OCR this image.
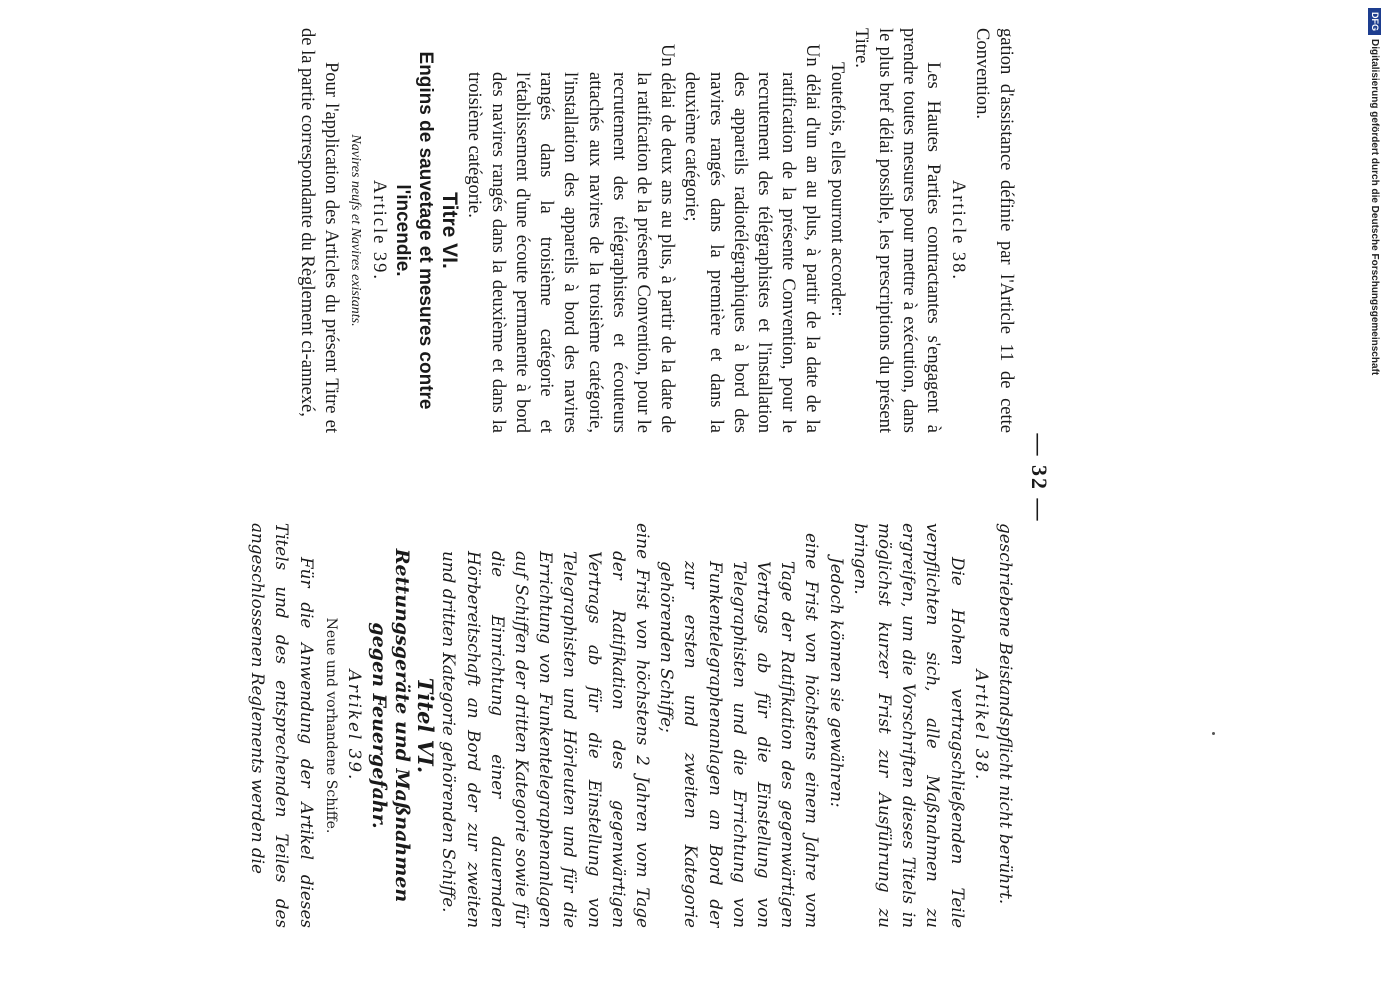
— 32 —

gation d'assistance définie par l'Article 11 de cette Convention.

Article 38.

Les Hautes Parties contractantes s'engagent à prendre toutes mesures pour mettre à exécution, dans le plus bref délai possible, les prescriptions du présent Titre.

Toutefois, elles pourront accorder:

Un délai d'un an au plus, à partir de la date de la ratification de la présente Convention, pour le recrutement des télégraphistes et l'installation des appareils radiotélégraphiques à bord des navires rangés dans la première et dans la deuxième catégorie;

Un délai de deux ans au plus, à partir de la date de la ratification de la présente Convention, pour le recrutement des télégraphistes et écouteurs attachés aux navires de la troisième catégorie, l'installation des appareils à bord des navires rangés dans la troisième catégorie et l'établissement d'une écoute permanente à bord des navires rangés dans la deuxième et dans la troisième catégorie.

Titre VI.

Engins de sauvetage et mesures contre l'incendie.

Article 39.

Navires neufs et Navires existants.

Pour l'application des Articles du présent Titre et de la partie correspondante du Règlement ci-annexé,

geschriebene Beistandspflicht nicht berührt.

Artikel 38.

Die Hohen vertragschließenden Teile verpflichten sich, alle Maßnahmen zu ergreifen, um die Vorschriften dieses Titels in möglichst kurzer Frist zur Ausführung zu bringen.

Jedoch können sie gewähren:

eine Frist von höchstens einem Jahre vom Tage der Ratifikation des gegenwärtigen Vertrags ab für die Einstellung von Telegraphisten und die Errichtung von Funkentelegraphenanlagen an Bord der zur ersten und zweiten Kategorie gehörenden Schiffe;

eine Frist von höchstens 2 Jahren vom Tage der Ratifikation des gegenwärtigen Vertrags ab für die Einstellung von Telegraphisten und Hörleuten und für die Errichtung von Funkentelegraphenanlagen auf Schiffen der dritten Kategorie sowie für die Einrichtung einer dauernden Hörbereitschaft an Bord der zur zweiten und dritten Kategorie gehörenden Schiffe.

Titel VI.

Rettungsgeräte und Maßnahmen gegen Feuergefahr.

Artikel 39.

Neue und vorhandene Schiffe.

Für die Anwendung der Artikel dieses Titels und des entsprechenden Teiles des angeschlossenen Reglements werden die

DFGDigitalisierung gefördert durch die Deutsche Forschungsgemeinschaft
